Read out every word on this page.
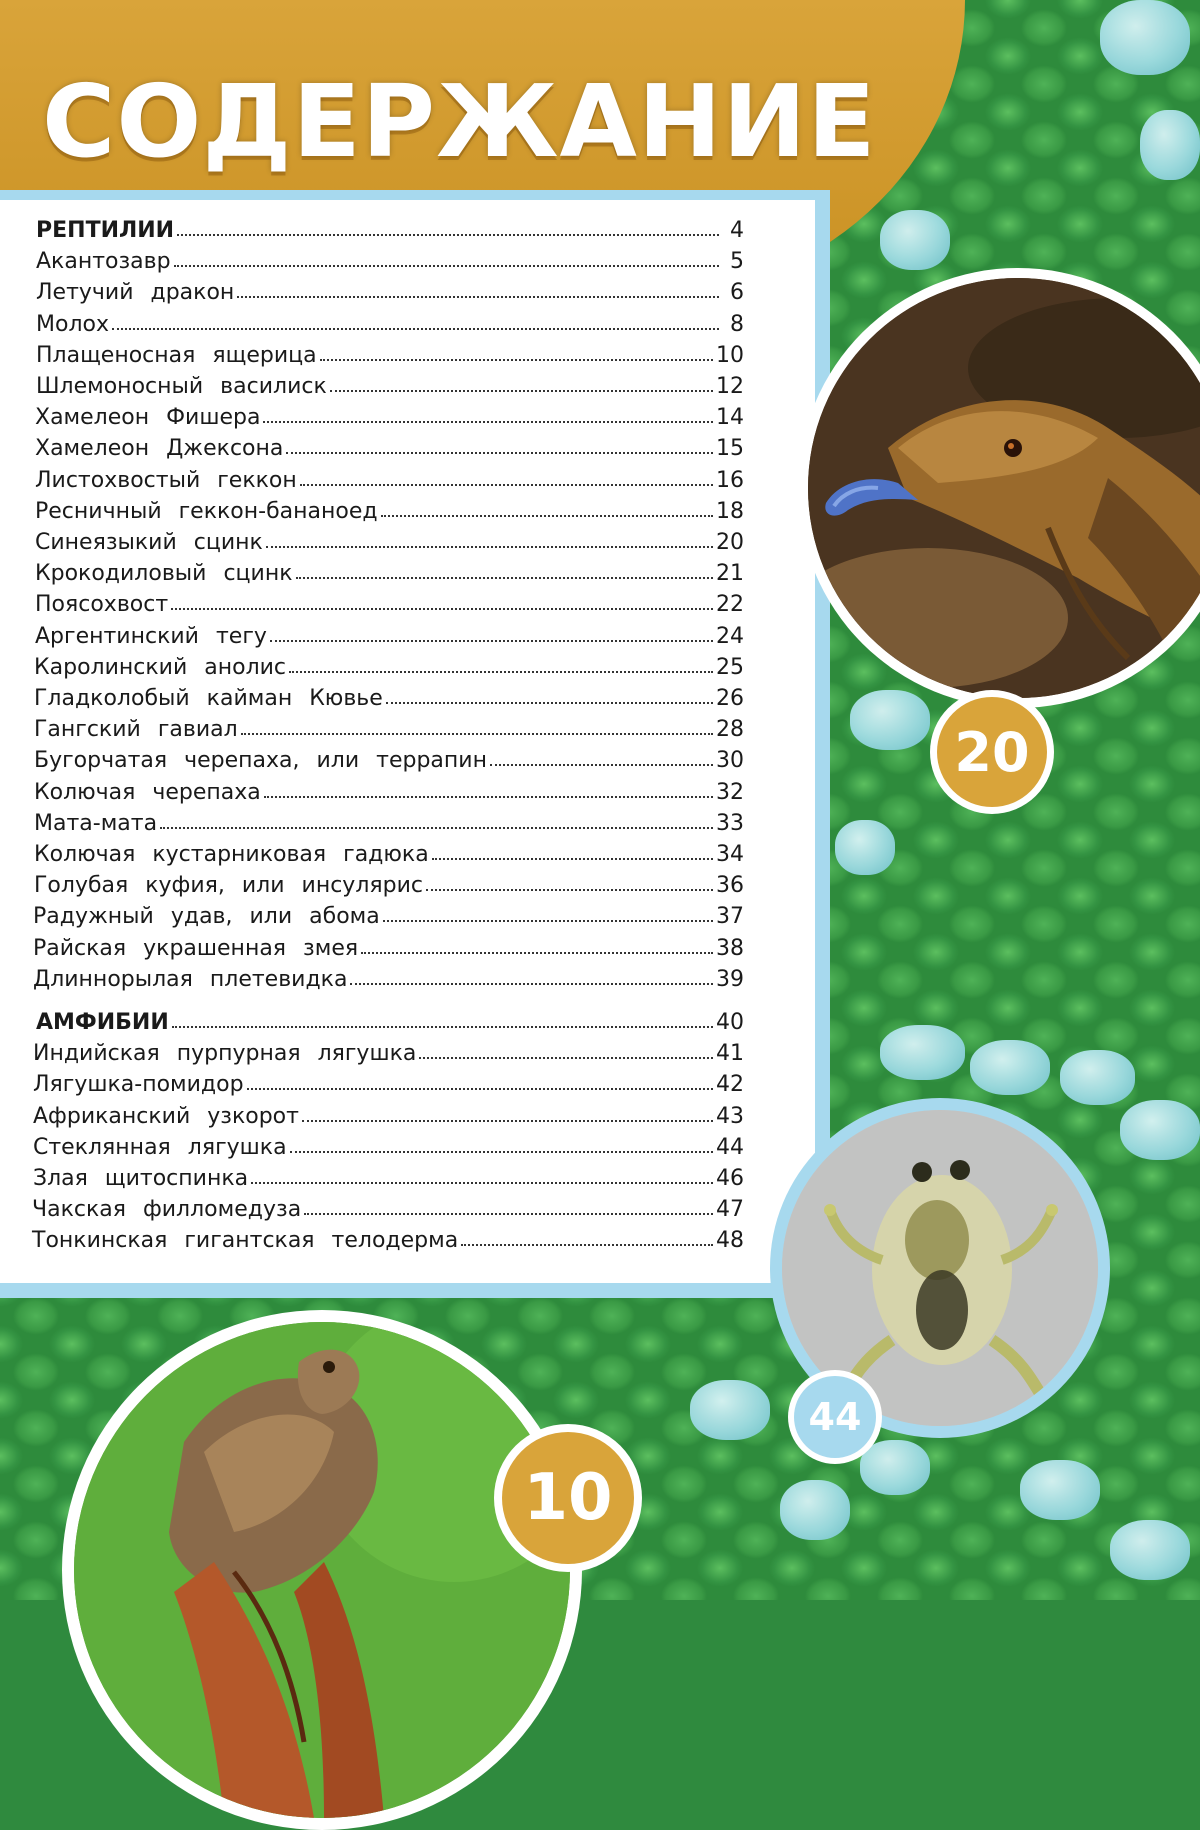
СОДЕРЖАНИЕ
РЕПТИЛИИ	4
Акантозавр	5
Летучий дракон	6
Молох	8
Плащеносная ящерица	10
Шлемоносный василиск	12
Хамелеон Фишера	14
Хамелеон Джексона	15
Листохвостый геккон	16
Ресничный геккон-бананоед	18
Синеязыкий сцинк	20
Крокодиловый сцинк	21
Поясохвост	22
Аргентинский тегу	24
Каролинский анолис	25
Гладколобый кайман Кювье	26
Гангский гавиал	28
Бугорчатая черепаха, или террапин	30
Колючая черепаха	32
Мата-мата	33
Колючая кустарниковая гадюка	34
Голубая куфия, или инсулярис	36
Радужный удав, или абома	37
Райская украшенная змея	38
Длиннорылая плетевидка	39
АМФИБИИ	40
Индийская пурпурная лягушка	41
Лягушка-помидор	42
Африканский узкорот	43
Стеклянная лягушка	44
Злая щитоспинка	46
Чакская филломедуза	47
Тонкинская гигантская телодерма	48
20
44
10
